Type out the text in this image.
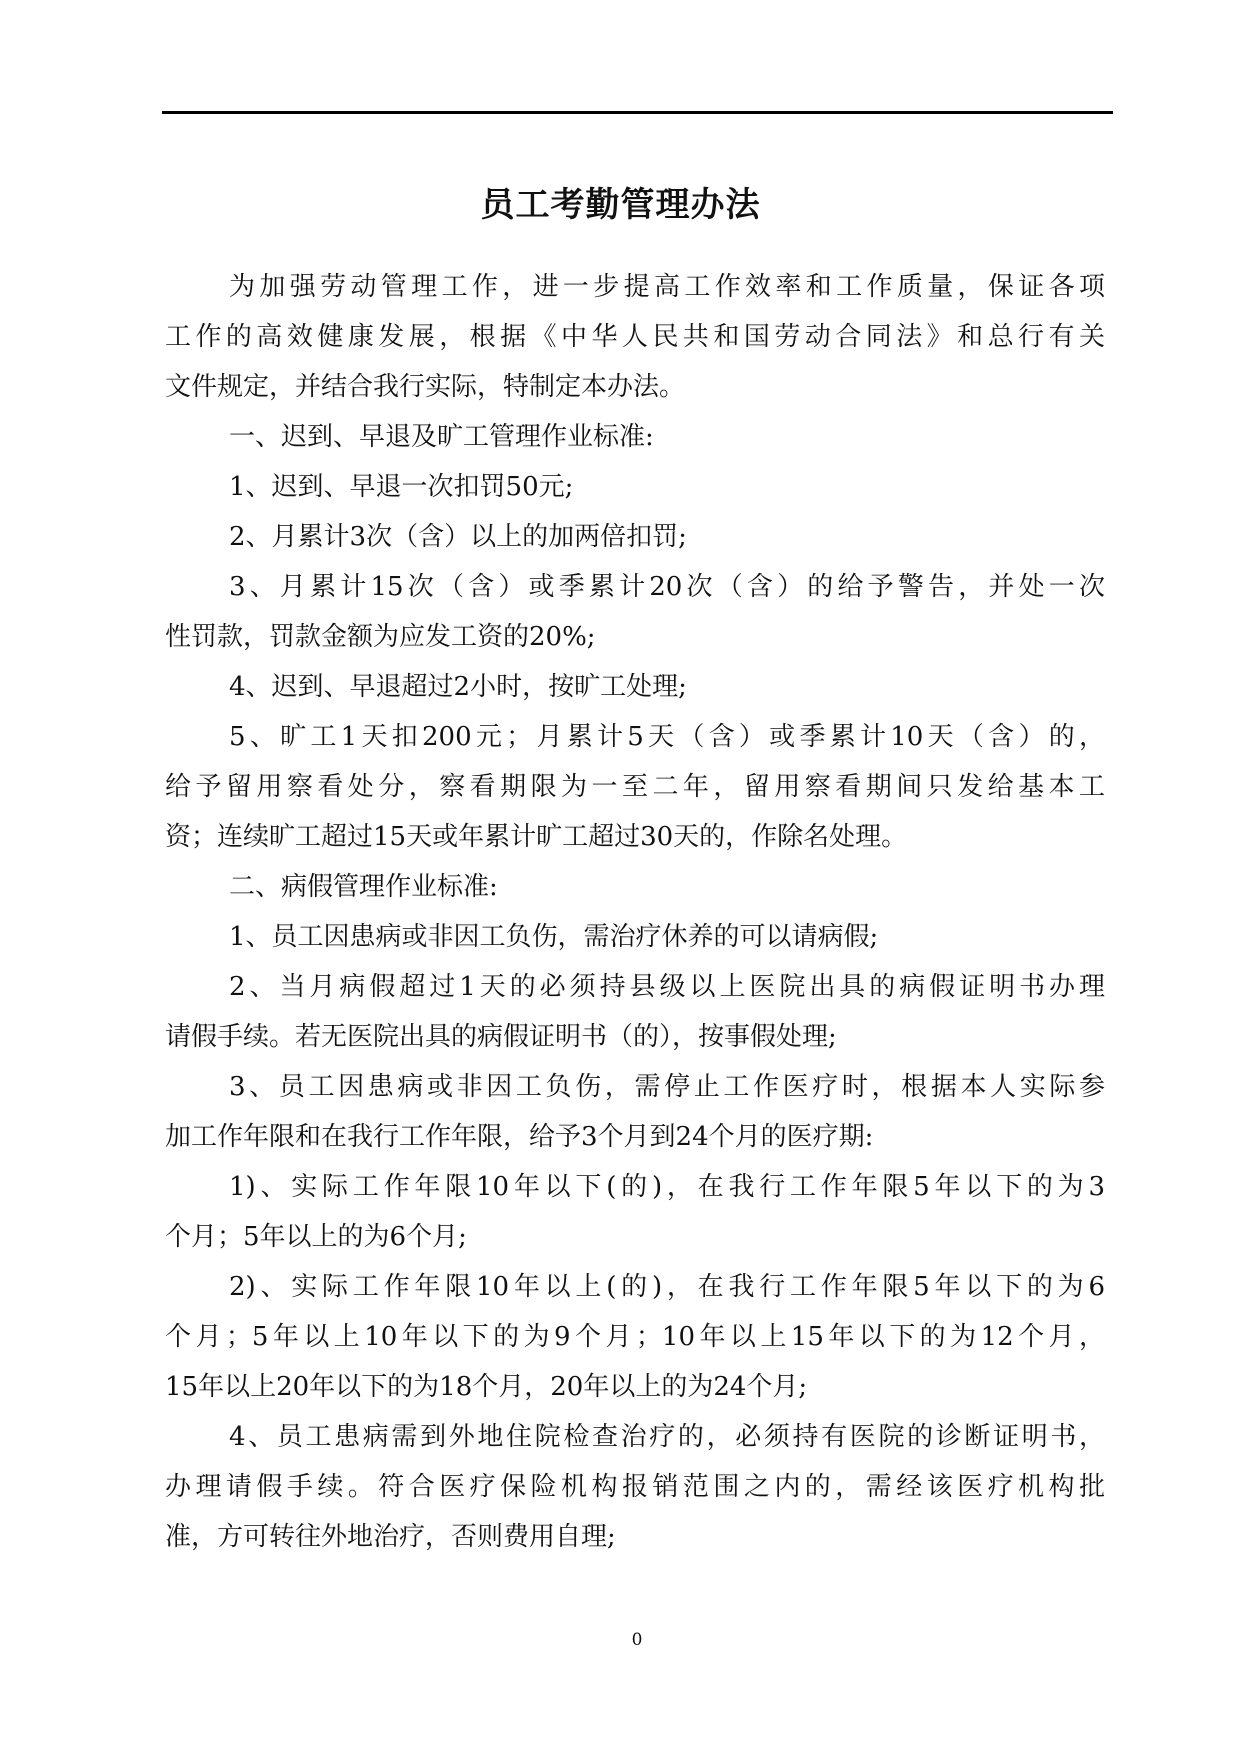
员工考勤管理办法
为加强劳动管理工作，进一步提高工作效率和工作质量，保证各项
工作的高效健康发展，根据《中华人民共和国劳动合同法》和总行有关
文件规定，并结合我行实际，特制定本办法。
一、迟到、早退及旷工管理作业标准:
1、迟到、早退一次扣罚50元;
2、月累计3次（含）以上的加两倍扣罚;
3、月累计15次（含）或季累计20次（含）的给予警告，并处一次
性罚款，罚款金额为应发工资的20%;
4、迟到、早退超过2小时，按旷工处理;
5、旷工1天扣200元；月累计5天（含）或季累计10天（含）的，
给予留用察看处分，察看期限为一至二年，留用察看期间只发给基本工
资；连续旷工超过15天或年累计旷工超过30天的，作除名处理。
二、病假管理作业标准:
1、员工因患病或非因工负伤，需治疗休养的可以请病假;
2、当月病假超过1天的必须持县级以上医院出具的病假证明书办理
请假手续。若无医院出具的病假证明书（的），按事假处理;
3、员工因患病或非因工负伤，需停止工作医疗时，根据本人实际参
加工作年限和在我行工作年限，给予3个月到24个月的医疗期:
1)、实际工作年限10年以下(的)，在我行工作年限5年以下的为3
个月；5年以上的为6个月;
2)、实际工作年限10年以上(的)，在我行工作年限5年以下的为6
个月；5年以上10年以下的为9个月；10年以上15年以下的为12个月，
15年以上20年以下的为18个月，20年以上的为24个月;
4、员工患病需到外地住院检查治疗的，必须持有医院的诊断证明书，
办理请假手续。符合医疗保险机构报销范围之内的，需经该医疗机构批
准，方可转往外地治疗，否则费用自理;
0
